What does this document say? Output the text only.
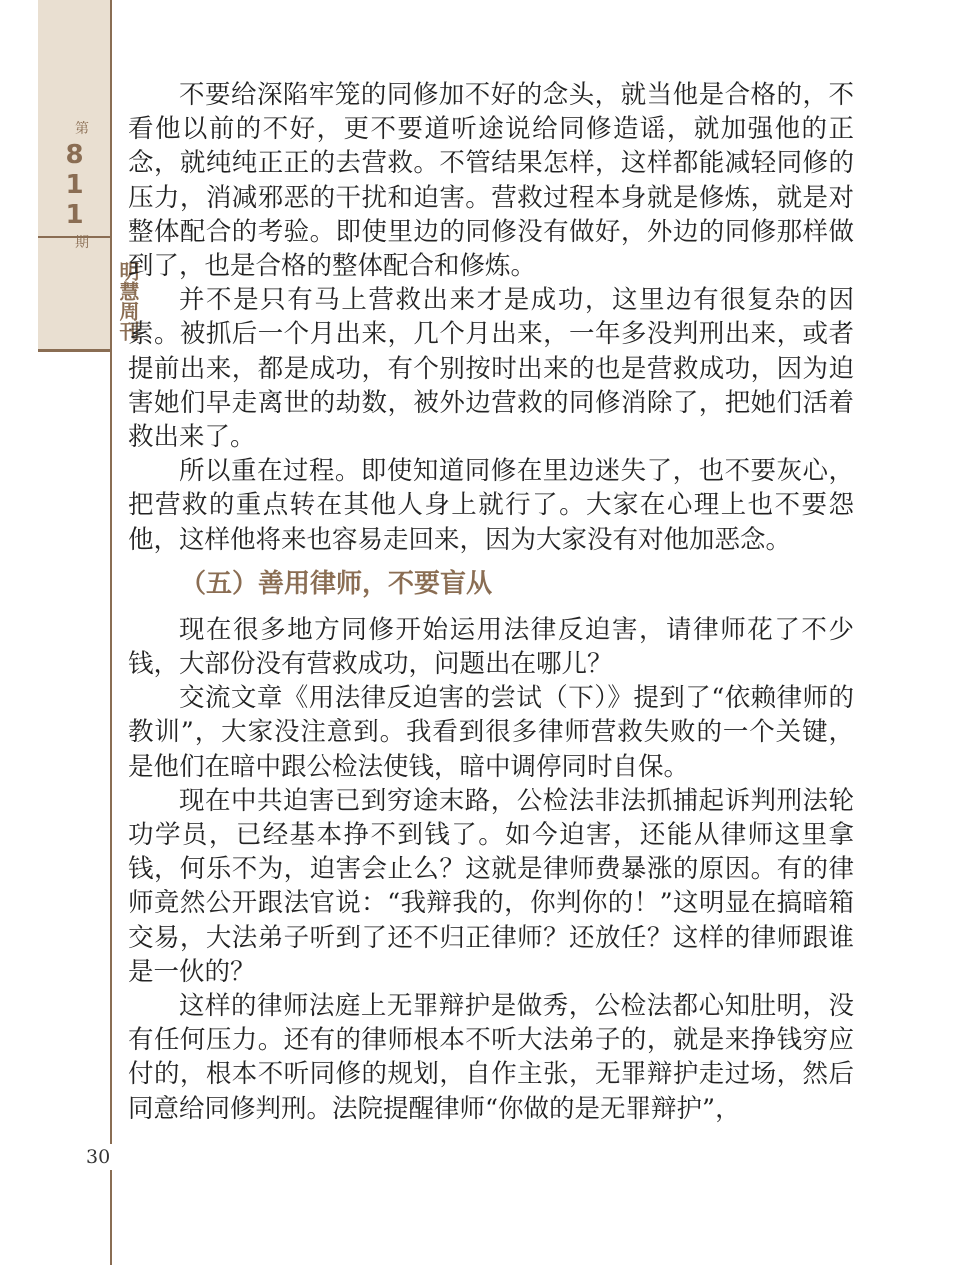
第
811
期
明慧周刊
30

不要给深陷牢笼的同修加不好的念头，就当他是合格的，不看他以前的不好，更不要道听途说给同修造谣，就加强他的正念，就纯纯正正的去营救。不管结果怎样，这样都能减轻同修的压力，消减邪恶的干扰和迫害。营救过程本身就是修炼，就是对整体配合的考验。即使里边的同修没有做好，外边的同修那样做到了，也是合格的整体配合和修炼。

并不是只有马上营救出来才是成功，这里边有很复杂的因素。被抓后一个月出来，几个月出来，一年多没判刑出来，或者提前出来，都是成功，有个别按时出来的也是营救成功，因为迫害她们早走离世的劫数，被外边营救的同修消除了，把她们活着救出来了。

所以重在过程。即使知道同修在里边迷失了，也不要灰心，把营救的重点转在其他人身上就行了。大家在心理上也不要怨他，这样他将来也容易走回来，因为大家没有对他加恶念。

（五）善用律师，不要盲从

现在很多地方同修开始运用法律反迫害，请律师花了不少钱，大部份没有营救成功，问题出在哪儿？

交流文章《用法律反迫害的尝试（下）》提到了“依赖律师的教训”，大家没注意到。我看到很多律师营救失败的一个关键，是他们在暗中跟公检法使钱，暗中调停同时自保。

现在中共迫害已到穷途末路，公检法非法抓捕起诉判刑法轮功学员，已经基本挣不到钱了。如今迫害，还能从律师这里拿钱，何乐不为，迫害会止么？这就是律师费暴涨的原因。有的律师竟然公开跟法官说：“我辩我的，你判你的！”这明显在搞暗箱交易，大法弟子听到了还不归正律师？还放任？这样的律师跟谁是一伙的？

这样的律师法庭上无罪辩护是做秀，公检法都心知肚明，没有任何压力。还有的律师根本不听大法弟子的，就是来挣钱穷应付的，根本不听同修的规划，自作主张，无罪辩护走过场，然后同意给同修判刑。法院提醒律师“你做的是无罪辩护”，
